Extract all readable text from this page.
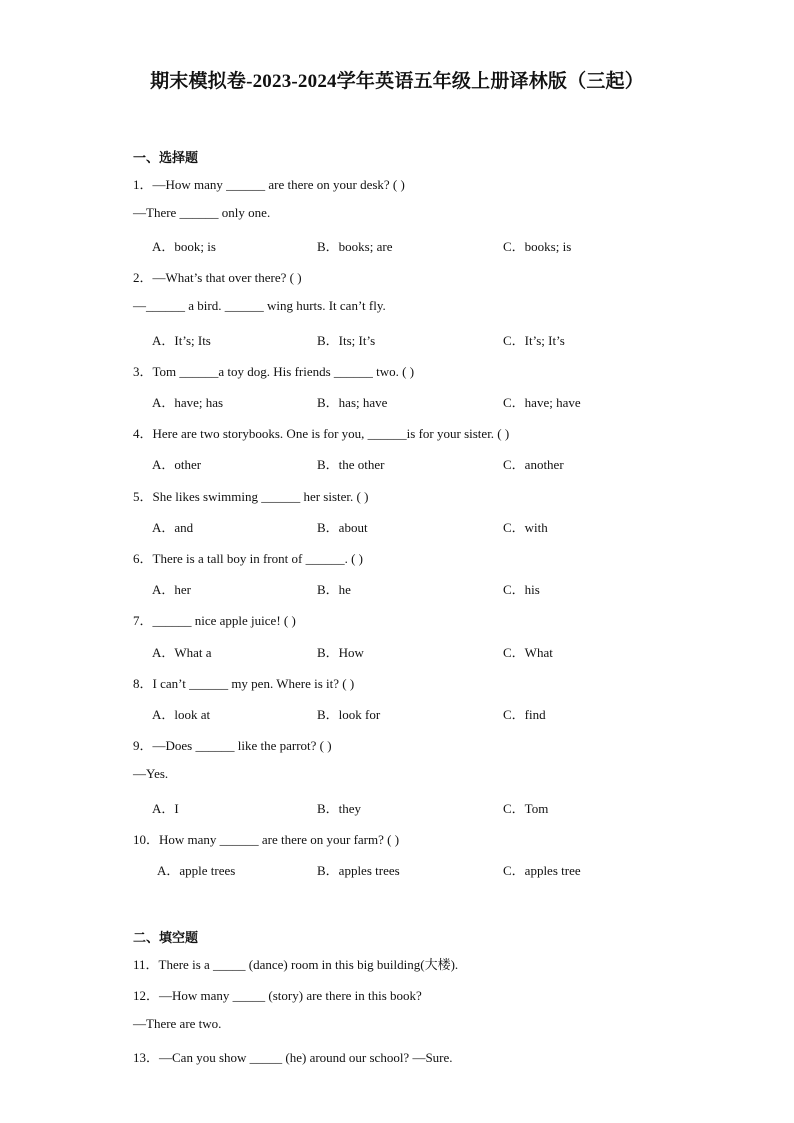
期末模拟卷-2023-2024学年英语五年级上册译林版（三起）
一、选择题
1．—How many ______ are there on your desk? ( )
—There ______ only one.
A．book; is	B．books; are	C．books; is
2．—What’s that over there? ( )
—______ a bird. ______ wing hurts. It can’t fly.
A．It’s; Its	B．Its; It’s	C．It’s; It’s
3．Tom ______a toy dog. His friends ______ two. ( )
A．have; has	B．has; have	C．have; have
4．Here are two storybooks. One is for you, ______is for your sister. ( )
A．other	B．the other	C．another
5．She likes swimming ______ her sister. ( )
A．and	B．about	C．with
6．There is a tall boy in front of ______. ( )
A．her	B．he	C．his
7．______ nice apple juice! ( )
A．What a	B．How	C．What
8．I can’t ______ my pen. Where is it? ( )
A．look at	B．look for	C．find
9．—Does ______ like the parrot? ( )
—Yes.
A．I	B．they	C．Tom
10．How many ______ are there on your farm? ( )
A．apple trees	B．apples trees	C．apples tree
二、填空题
11．There is a _____ (dance) room in this big building(大楼).
12．—How many _____ (story) are there in this book?
—There are two.
13．—Can you show _____ (he) around our school? —Sure.
